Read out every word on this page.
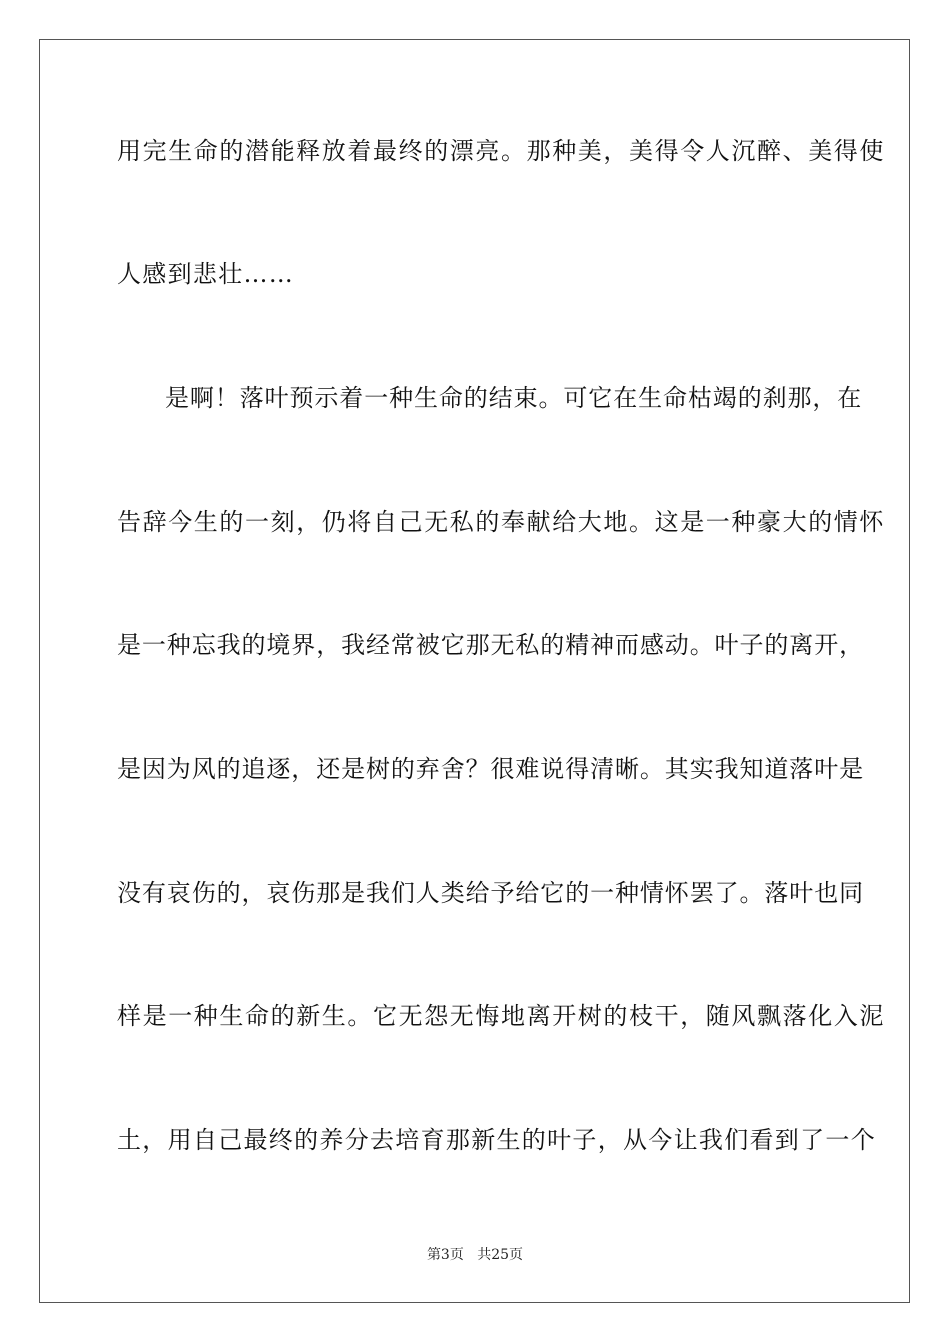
用完生命的潜能释放着最终的漂亮。那种美，美得令人沉醉、美得使
人感到悲壮……
是啊！落叶预示着一种生命的结束。可它在生命枯竭的刹那，在
告辞今生的一刻，仍将自己无私的奉献给大地。这是一种豪大的情怀
是一种忘我的境界，我经常被它那无私的精神而感动。叶子的离开，
是因为风的追逐，还是树的弃舍？很难说得清晰。其实我知道落叶是
没有哀伤的，哀伤那是我们人类给予给它的一种情怀罢了。落叶也同
样是一种生命的新生。它无怨无悔地离开树的枝干，随风飘落化入泥
土，用自己最终的养分去培育那新生的叶子，从今让我们看到了一个
第3页 共25页
